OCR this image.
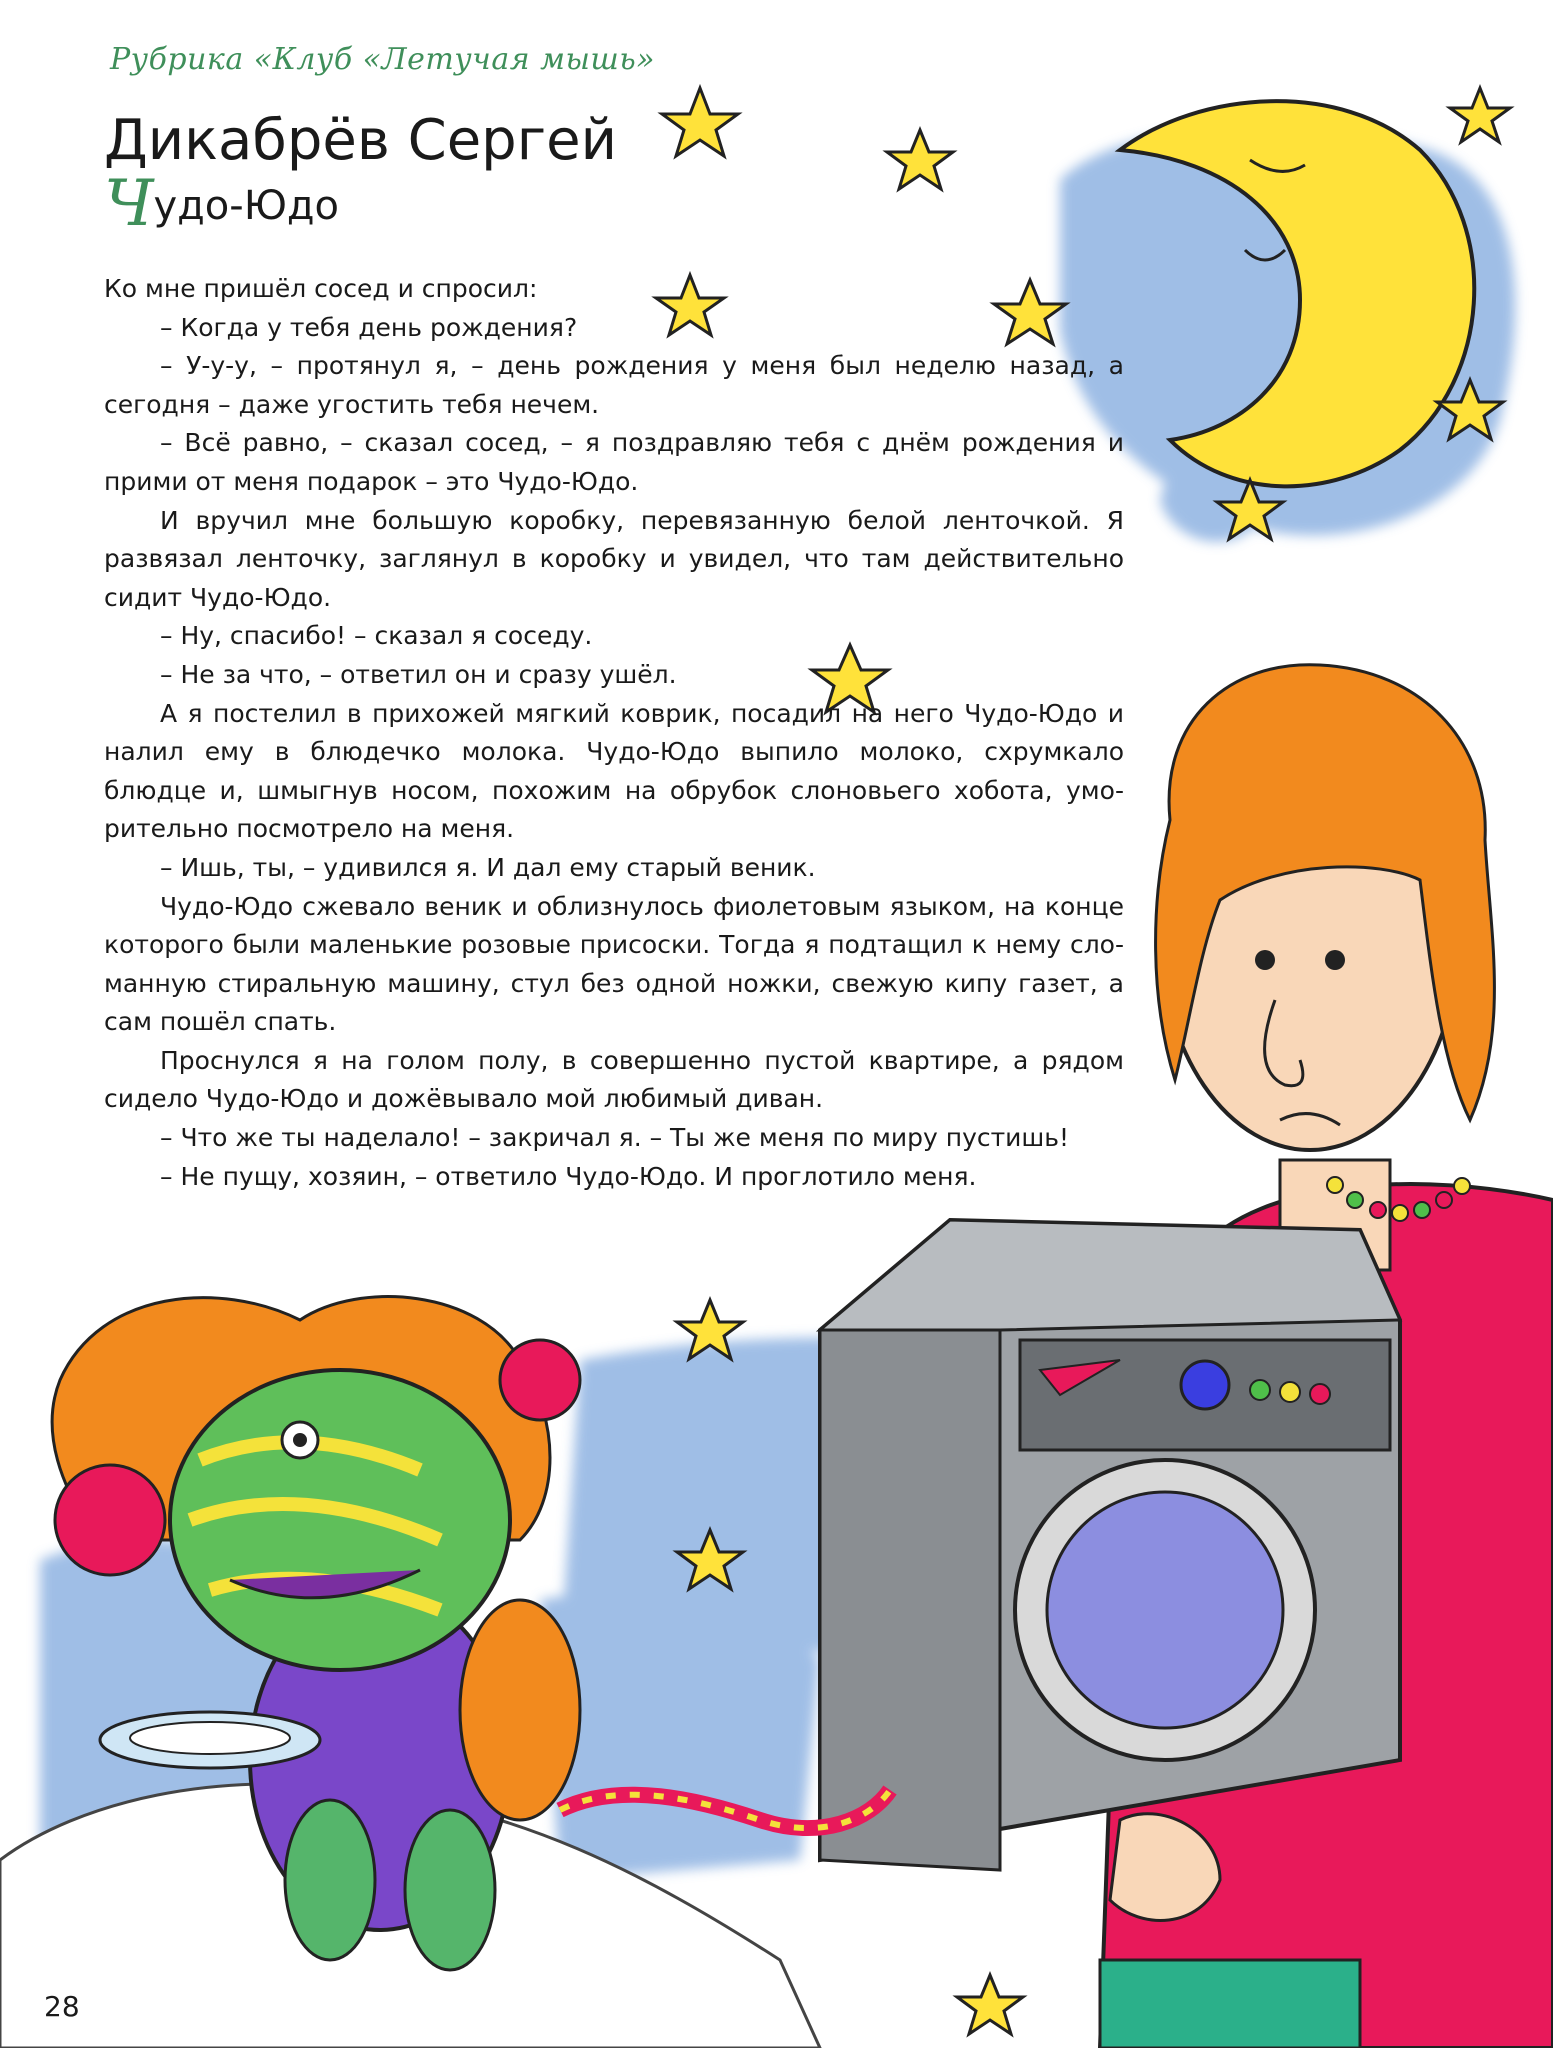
Рубрика «Клуб «Летучая мышь»
Дикабрёв Сергей
Чудо-Юдо

Ко мне пришёл сосед и спросил:

– Когда у тебя день рождения?

– У-у-у, – протянул я, – день рождения у меня был неделю назад, а сегодня – даже угостить тебя нечем.

– Всё равно, – сказал сосед, – я поздравляю тебя с днём рождения и прими от меня подарок – это Чудо-Юдо.

И вручил мне большую коробку, перевязанную белой ленточкой. Я развязал ленточку, заглянул в коробку и увидел, что там действительно сидит Чудо-Юдо.

– Ну, спасибо! – сказал я соседу.

– Не за что, – ответил он и сразу ушёл.

А я постелил в прихожей мягкий коврик, посадил на него Чудо-Юдо и налил ему в блюдечко молока. Чудо-Юдо выпило молоко, схрумкало блюдце и, шмыгнув носом, похожим на обрубок слоновьего хобота, уморительно посмотрело на меня.

– Ишь, ты, – удивился я. И дал ему старый веник.

Чудо-Юдо сжевало веник и облизнулось фиолетовым языком, на конце которого были маленькие розовые присоски. Тогда я подтащил к нему сломанную стиральную машину, стул без одной ножки, свежую кипу газет, а сам пошёл спать.

Проснулся я на голом полу, в совершенно пустой квартире, а рядом сидело Чудо-Юдо и дожёвывало мой любимый диван.

– Что же ты наделало! – закричал я. – Ты же меня по миру пустишь!

– Не пущу, хозяин, – ответило Чудо-Юдо. И проглотило меня.

28
